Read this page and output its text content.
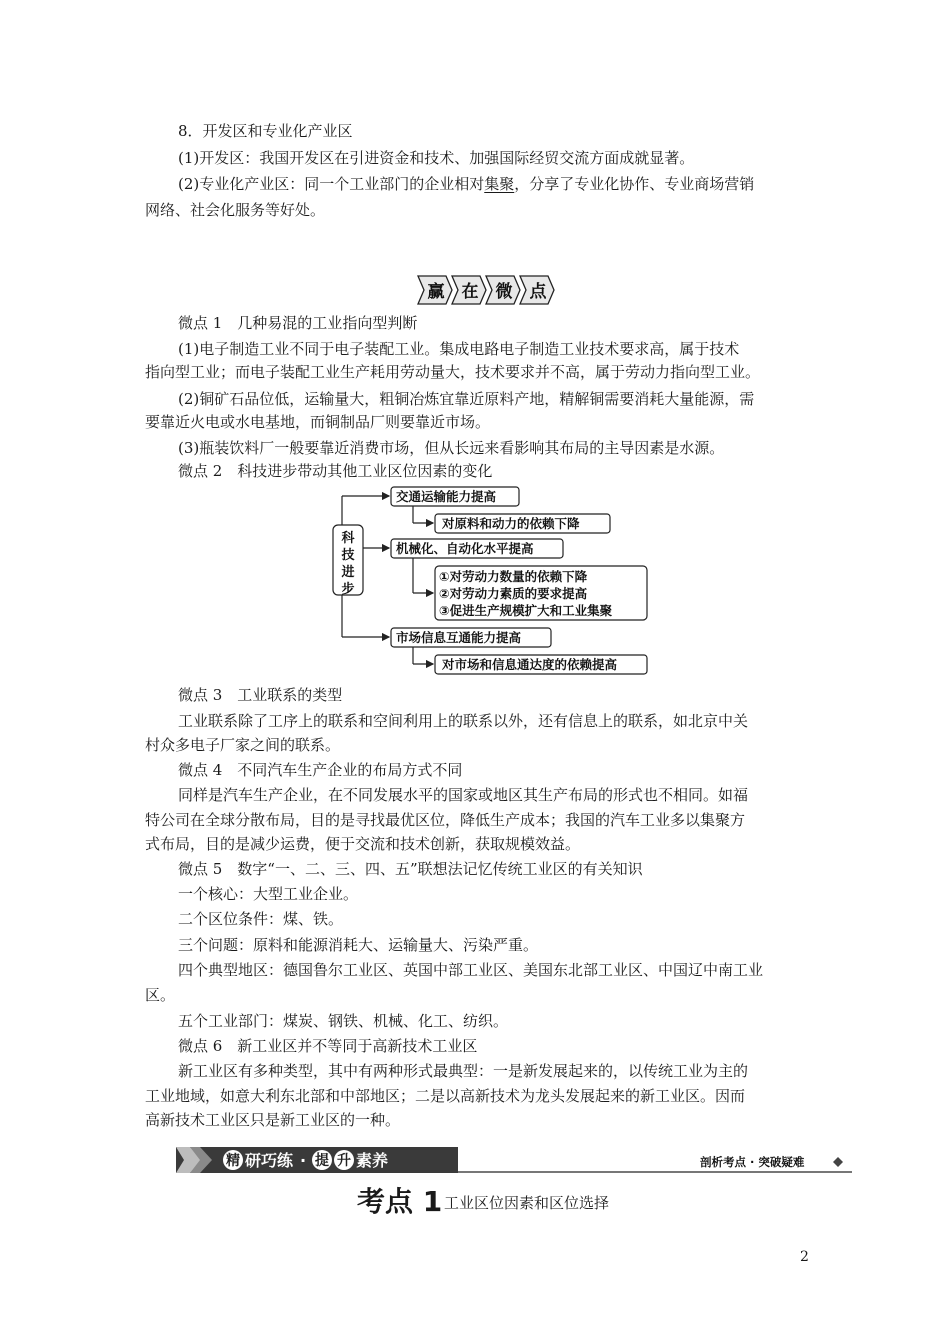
8．开发区和专业化产业区
(1)开发区：我国开发区在引进资金和技术、加强国际经贸交流方面成就显著。
(2)专业化产业区：同一个工业部门的企业相对集聚，分享了专业化协作、专业商场营销
网络、社会化服务等好处。
赢 在 微 点
微点 1　几种易混的工业指向型判断
(1)电子制造工业不同于电子装配工业。集成电路电子制造工业技术要求高，属于技术
指向型工业；而电子装配工业生产耗用劳动量大，技术要求并不高，属于劳动力指向型工业。
(2)铜矿石品位低，运输量大，粗铜冶炼宜靠近原料产地，精解铜需要消耗大量能源，需
要靠近火电或水电基地，而铜制品厂则要靠近市场。
(3)瓶装饮料厂一般要靠近消费市场，但从长远来看影响其布局的主导因素是水源。
微点 2　科技进步带动其他工业区位因素的变化
科
技
进
步
交通运输能力提高
对原料和动力的依赖下降
机械化、自动化水平提高
①对劳动力数量的依赖下降
②对劳动力素质的要求提高
③促进生产规模扩大和工业集聚
市场信息互通能力提高
对市场和信息通达度的依赖提高
微点 3　工业联系的类型
工业联系除了工序上的联系和空间利用上的联系以外，还有信息上的联系，如北京中关
村众多电子厂家之间的联系。
微点 4　不同汽车生产企业的布局方式不同
同样是汽车生产企业，在不同发展水平的国家或地区其生产布局的形式也不相同。如福
特公司在全球分散布局，目的是寻找最优区位，降低生产成本；我国的汽车工业多以集聚方
式布局，目的是减少运费，便于交流和技术创新，获取规模效益。
微点 5　数字“一、二、三、四、五”联想法记忆传统工业区的有关知识
一个核心：大型工业企业。
二个区位条件：煤、铁。
三个问题：原料和能源消耗大、运输量大、污染严重。
四个典型地区：德国鲁尔工业区、英国中部工业区、美国东北部工业区、中国辽中南工业
区。
五个工业部门：煤炭、钢铁、机械、化工、纺织。
微点 6　新工业区并不等同于高新技术工业区
新工业区有多种类型，其中有两种形式最典型：一是新发展起来的，以传统工业为主的
工业地域，如意大利东北部和中部地区；二是以高新技术为龙头发展起来的新工业区。因而
高新技术工业区只是新工业区的一种。
精 研巧练 · 提 升 素养	剖析考点 · 突破疑难
考点 1 工业区位因素和区位选择
2
